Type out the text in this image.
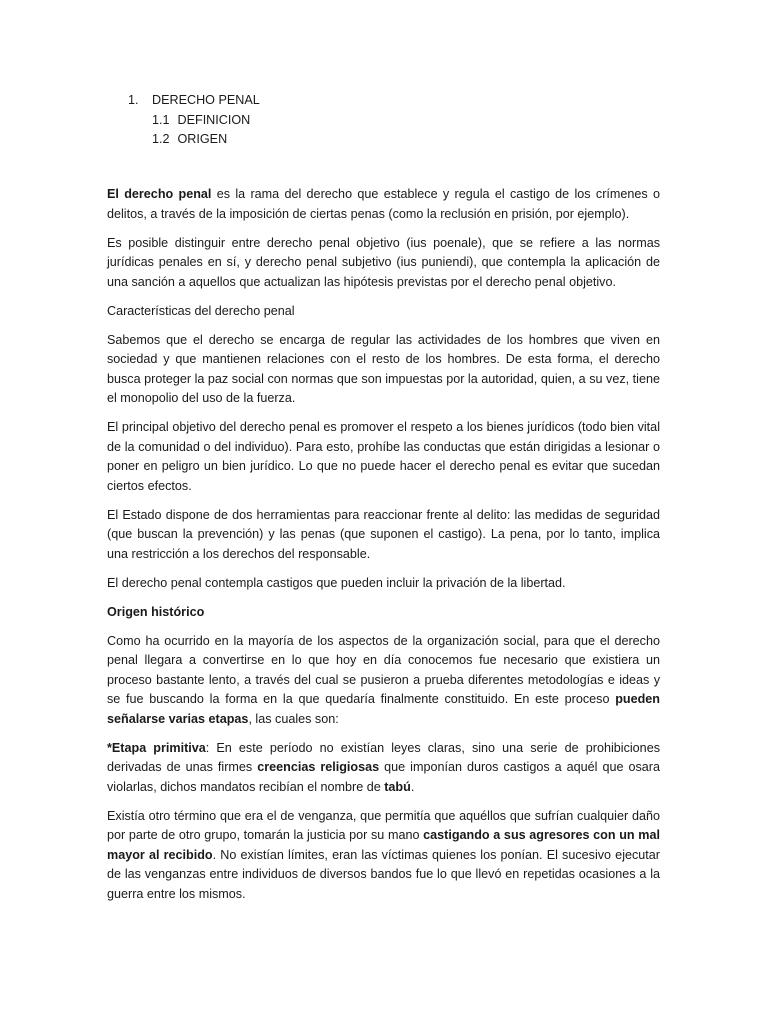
1. DERECHO PENAL
1.1 DEFINICION
1.2 ORIGEN

El derecho penal es la rama del derecho que establece y regula el castigo de los crímenes o delitos, a través de la imposición de ciertas penas (como la reclusión en prisión, por ejemplo).

Es posible distinguir entre derecho penal objetivo (ius poenale), que se refiere a las normas jurídicas penales en sí, y derecho penal subjetivo (ius puniendi), que contempla la aplicación de una sanción a aquellos que actualizan las hipótesis previstas por el derecho penal objetivo.

Características del derecho penal

Sabemos que el derecho se encarga de regular las actividades de los hombres que viven en sociedad y que mantienen relaciones con el resto de los hombres. De esta forma, el derecho busca proteger la paz social con normas que son impuestas por la autoridad, quien, a su vez, tiene el monopolio del uso de la fuerza.

El principal objetivo del derecho penal es promover el respeto a los bienes jurídicos (todo bien vital de la comunidad o del individuo). Para esto, prohíbe las conductas que están dirigidas a lesionar o poner en peligro un bien jurídico. Lo que no puede hacer el derecho penal es evitar que sucedan ciertos efectos.

El Estado dispone de dos herramientas para reaccionar frente al delito: las medidas de seguridad (que buscan la prevención) y las penas (que suponen el castigo). La pena, por lo tanto, implica una restricción a los derechos del responsable.

El derecho penal contempla castigos que pueden incluir la privación de la libertad.

Origen histórico

Como ha ocurrido en la mayoría de los aspectos de la organización social, para que el derecho penal llegara a convertirse en lo que hoy en día conocemos fue necesario que existiera un proceso bastante lento, a través del cual se pusieron a prueba diferentes metodologías e ideas y se fue buscando la forma en la que quedaría finalmente constituido. En este proceso pueden señalarse varias etapas, las cuales son:

*Etapa primitiva: En este período no existían leyes claras, sino una serie de prohibiciones derivadas de unas firmes creencias religiosas que imponían duros castigos a aquél que osara violarlas, dichos mandatos recibían el nombre de tabú.

Existía otro término que era el de venganza, que permitía que aquéllos que sufrían cualquier daño por parte de otro grupo, tomarán la justicia por su mano castigando a sus agresores con un mal mayor al recibido. No existían límites, eran las víctimas quienes los ponían. El sucesivo ejecutar de las venganzas entre individuos de diversos bandos fue lo que llevó en repetidas ocasiones a la guerra entre los mismos.
